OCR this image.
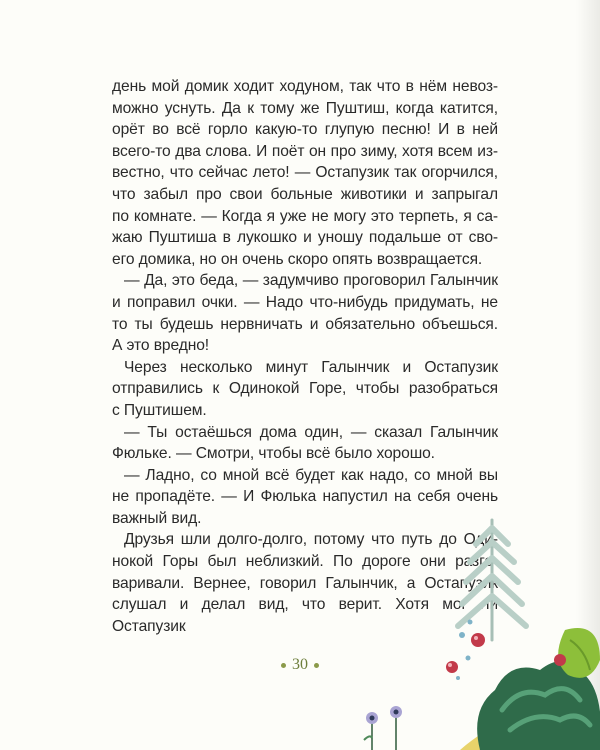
день мой домик ходит ходуном, так что в нём невоз-
можно уснуть. Да к тому же Пуштиш, когда катится,
орёт во всё горло какую-то глупую песню! И в ней
всего-то два слова. И поёт он про зиму, хотя всем из-
вестно, что сейчас лето! — Остапузик так огорчился,
что забыл про свои больные животики и запрыгал
по комнате. — Когда я уже не могу это терпеть, я са-
жаю Пуштиша в лукошко и уношу подальше от сво-
его домика, но он очень скоро опять возвращается.

— Да, это беда, — задумчиво проговорил Галынчик
и поправил очки. — Надо что-нибудь придумать, не
то ты будешь нервничать и обязательно объешься.
А это вредно!

Через несколько минут Галынчик и Остапузик
отправились к Одинокой Горе, чтобы разобраться
с Пуштишем.

— Ты остаёшься дома один, — сказал Галынчик
Фюльке. — Смотри, чтобы всё было хорошо.

— Ладно, со мной всё будет как надо, со мной вы
не пропадёте. — И Фюлька напустил на себя очень
важный вид.

Друзья шли долго-долго, потому что путь до Оди-
нокой Горы был неблизкий. По дороге они разго-
варивали. Вернее, говорил Галынчик, а Остапузик
слушал и делал вид, что верит. Хотя мог ли Остапузик

30
